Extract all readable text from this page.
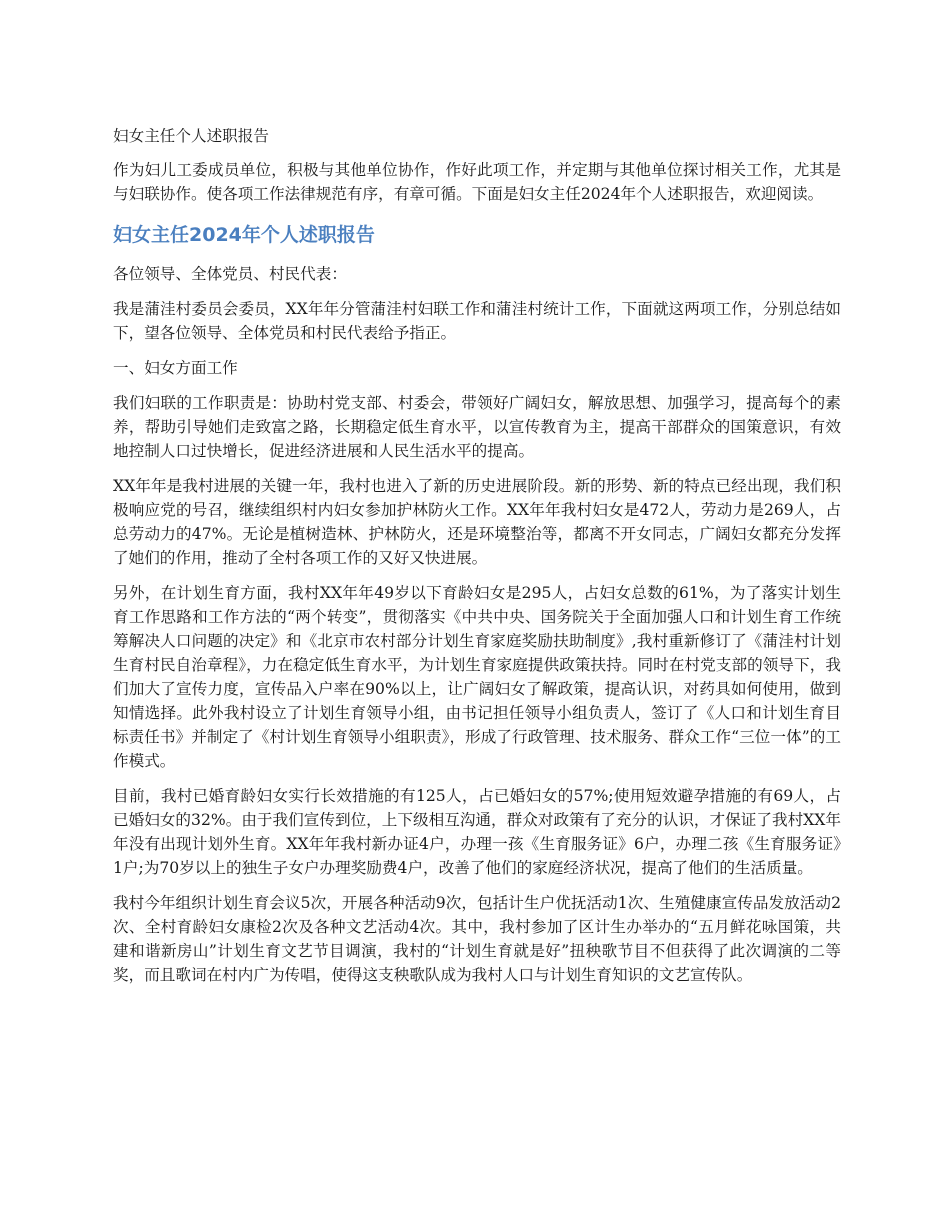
妇女主任个人述职报告

作为妇儿工委成员单位，积极与其他单位协作，作好此项工作，并定期与其他单位探讨相关工作，尤其是与妇联协作。使各项工作法律规范有序，有章可循。下面是妇女主任2024年个人述职报告，欢迎阅读。

妇女主任2024年个人述职报告

各位领导、全体党员、村民代表：

我是蒲洼村委员会委员，XX年年分管蒲洼村妇联工作和蒲洼村统计工作，下面就这两项工作，分别总结如下，望各位领导、全体党员和村民代表给予指正。

一、妇女方面工作

我们妇联的工作职责是：协助村党支部、村委会，带领好广阔妇女，解放思想、加强学习，提高每个的素养，帮助引导她们走致富之路，长期稳定低生育水平，以宣传教育为主，提高干部群众的国策意识，有效地控制人口过快增长，促进经济进展和人民生活水平的提高。

XX年年是我村进展的关键一年，我村也进入了新的历史进展阶段。新的形势、新的特点已经出现，我们积极响应党的号召，继续组织村内妇女参加护林防火工作。XX年年我村妇女是472人，劳动力是269人，占总劳动力的47%。无论是植树造林、护林防火，还是环境整治等，都离不开女同志，广阔妇女都充分发挥了她们的作用，推动了全村各项工作的又好又快进展。

另外，在计划生育方面，我村XX年年49岁以下育龄妇女是295人，占妇女总数的61%，为了落实计划生育工作思路和工作方法的“两个转变”，贯彻落实《中共中央、国务院关于全面加强人口和计划生育工作统筹解决人口问题的决定》和《北京市农村部分计划生育家庭奖励扶助制度》,我村重新修订了《蒲洼村计划生育村民自治章程》，力在稳定低生育水平，为计划生育家庭提供政策扶持。同时在村党支部的领导下，我们加大了宣传力度，宣传品入户率在90%以上，让广阔妇女了解政策，提高认识，对药具如何使用，做到知情选择。此外我村设立了计划生育领导小组，由书记担任领导小组负责人，签订了《人口和计划生育目标责任书》并制定了《村计划生育领导小组职责》，形成了行政管理、技术服务、群众工作“三位一体”的工作模式。

目前，我村已婚育龄妇女实行长效措施的有125人，占已婚妇女的57%;使用短效避孕措施的有69人，占已婚妇女的32%。由于我们宣传到位，上下级相互沟通，群众对政策有了充分的认识，才保证了我村XX年年没有出现计划外生育。XX年年我村新办证4户，办理一孩《生育服务证》6户，办理二孩《生育服务证》1户;为70岁以上的独生子女户办理奖励费4户，改善了他们的家庭经济状况，提高了他们的生活质量。

我村今年组织计划生育会议5次，开展各种活动9次，包括计生户优抚活动1次、生殖健康宣传品发放活动2次、全村育龄妇女康检2次及各种文艺活动4次。其中，我村参加了区计生办举办的“五月鲜花咏国策，共建和谐新房山”计划生育文艺节目调演，我村的“计划生育就是好”扭秧歌节目不但获得了此次调演的二等奖，而且歌词在村内广为传唱，使得这支秧歌队成为我村人口与计划生育知识的文艺宣传队。
